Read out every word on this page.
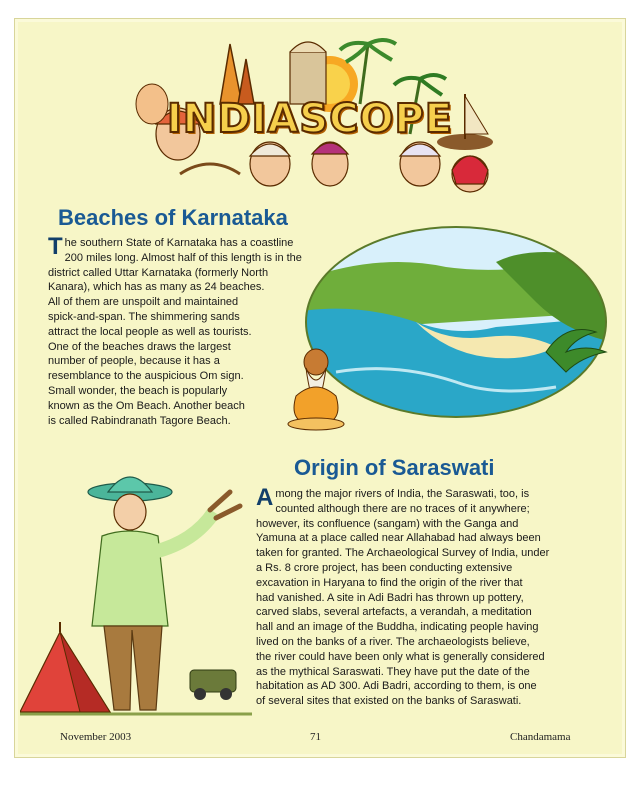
INDIASCOPE
Beaches of Karnataka
T he southern State of Karnataka has a coastline

200 miles long. Almost half of this length is in the

district called Uttar Karnataka (formerly North

Kanara), which has as many as 24 beaches.

All of them are unspoilt and maintained

spick-and-span. The shimmering sands

attract the local people as well as tourists.

One of the beaches draws the largest

number of people, because it has a

resemblance to the auspicious Om sign.

Small wonder, the beach is popularly

known as the Om Beach. Another beach

is called Rabindranath Tagore Beach.

Origin of Saraswati
A mong the major rivers of India, the Saraswati, too, is

counted although there are no traces of it anywhere;

however, its confluence (sangam) with the Ganga and

Yamuna at a place called near Allahabad had always been

taken for granted. The Archaeological Survey of India, under

a Rs. 8 crore project, has been conducting extensive

excavation in Haryana to find the origin of the river that

had vanished. A site in Adi Badri has thrown up pottery,

carved slabs, several artefacts, a verandah, a meditation

hall and an image of the Buddha, indicating people having

lived on the banks of a river. The archaeologists believe,

the river could have been only what is generally considered

as the mythical Saraswati. They have put the date of the

habitation as AD 300. Adi Badri, according to them, is one

of several sites that existed on the banks of Saraswati.

November 2003	71	Chandamama
